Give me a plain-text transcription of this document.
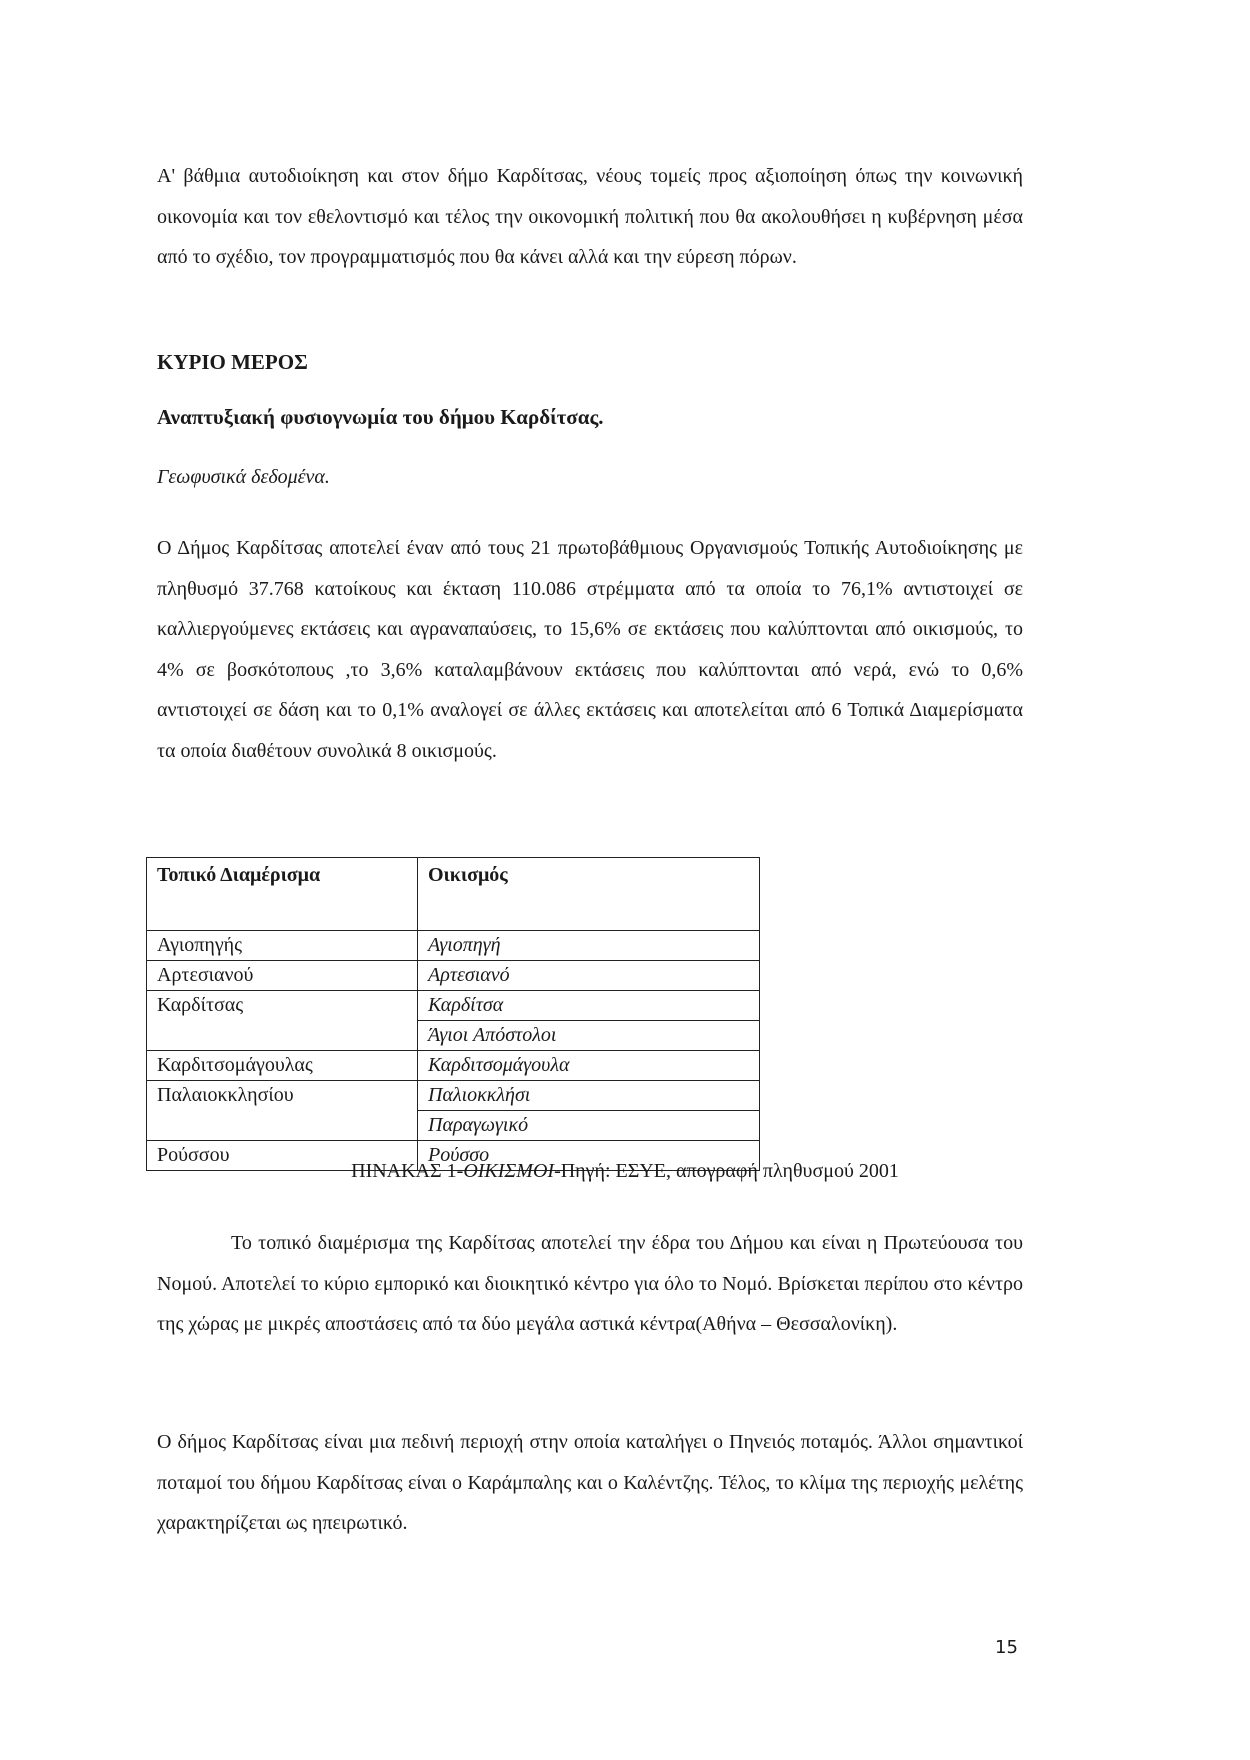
Α' βάθμια αυτοδιοίκηση και στον δήμο Καρδίτσας, νέους τομείς προς αξιοποίηση όπως την κοινωνική οικονομία και τον εθελοντισμό και τέλος την οικονομική πολιτική που θα ακολουθήσει η κυβέρνηση μέσα από το σχέδιο, τον προγραμματισμός που θα κάνει αλλά και την εύρεση πόρων.

ΚΥΡΙΟ ΜΕΡΟΣ

Αναπτυξιακή φυσιογνωμία του δήμου Καρδίτσας.

Γεωφυσικά δεδομένα.

Ο Δήμος Καρδίτσας αποτελεί έναν από τους 21 πρωτοβάθμιους Οργανισμούς Τοπικής Αυτοδιοίκησης με πληθυσμό 37.768 κατοίκους και έκταση 110.086 στρέμματα από τα οποία το 76,1% αντιστοιχεί σε καλλιεργούμενες εκτάσεις και αγραναπαύσεις, το 15,6% σε εκτάσεις που καλύπτονται από οικισμούς, το 4% σε βοσκότοπους ,το 3,6% καταλαμβάνουν εκτάσεις που καλύπτονται από νερά, ενώ το 0,6% αντιστοιχεί σε δάση και το 0,1% αναλογεί σε άλλες εκτάσεις και αποτελείται από 6 Τοπικά Διαμερίσματα τα οποία διαθέτουν συνολικά 8 οικισμούς.

Τοπικό Διαμέρισμα	Οικισμός
Αγιοπηγής	Αγιοπηγή
Αρτεσιανού	Αρτεσιανό
Καρδίτσας	Καρδίτσα
	Άγιοι Απόστολοι
Καρδιτσομάγουλας	Καρδιτσομάγουλα
Παλαιοκκλησίου	Παλιοκκλήσι
	Παραγωγικό
Ρούσσου	Ρούσσο

ΠΙΝΑΚΑΣ 1-ΟΙΚΙΣΜΟΙ-Πηγή: ΕΣΥΕ, απογραφή πληθυσμού 2001

Το τοπικό διαμέρισμα της Καρδίτσας αποτελεί την έδρα του Δήμου και είναι η Πρωτεύουσα του Νομού. Αποτελεί το κύριο εμπορικό και διοικητικό κέντρο για όλο το Νομό. Βρίσκεται περίπου στο κέντρο της χώρας με μικρές αποστάσεις από τα δύο μεγάλα αστικά κέντρα(Αθήνα – Θεσσαλονίκη).

Ο δήμος Καρδίτσας είναι μια πεδινή περιοχή στην οποία καταλήγει ο Πηνειός ποταμός. Άλλοι σημαντικοί ποταμοί του δήμου Καρδίτσας είναι ο Καράμπαλης και ο Καλέντζης. Τέλος, το κλίμα της περιοχής μελέτης χαρακτηρίζεται ως ηπειρωτικό.

15
